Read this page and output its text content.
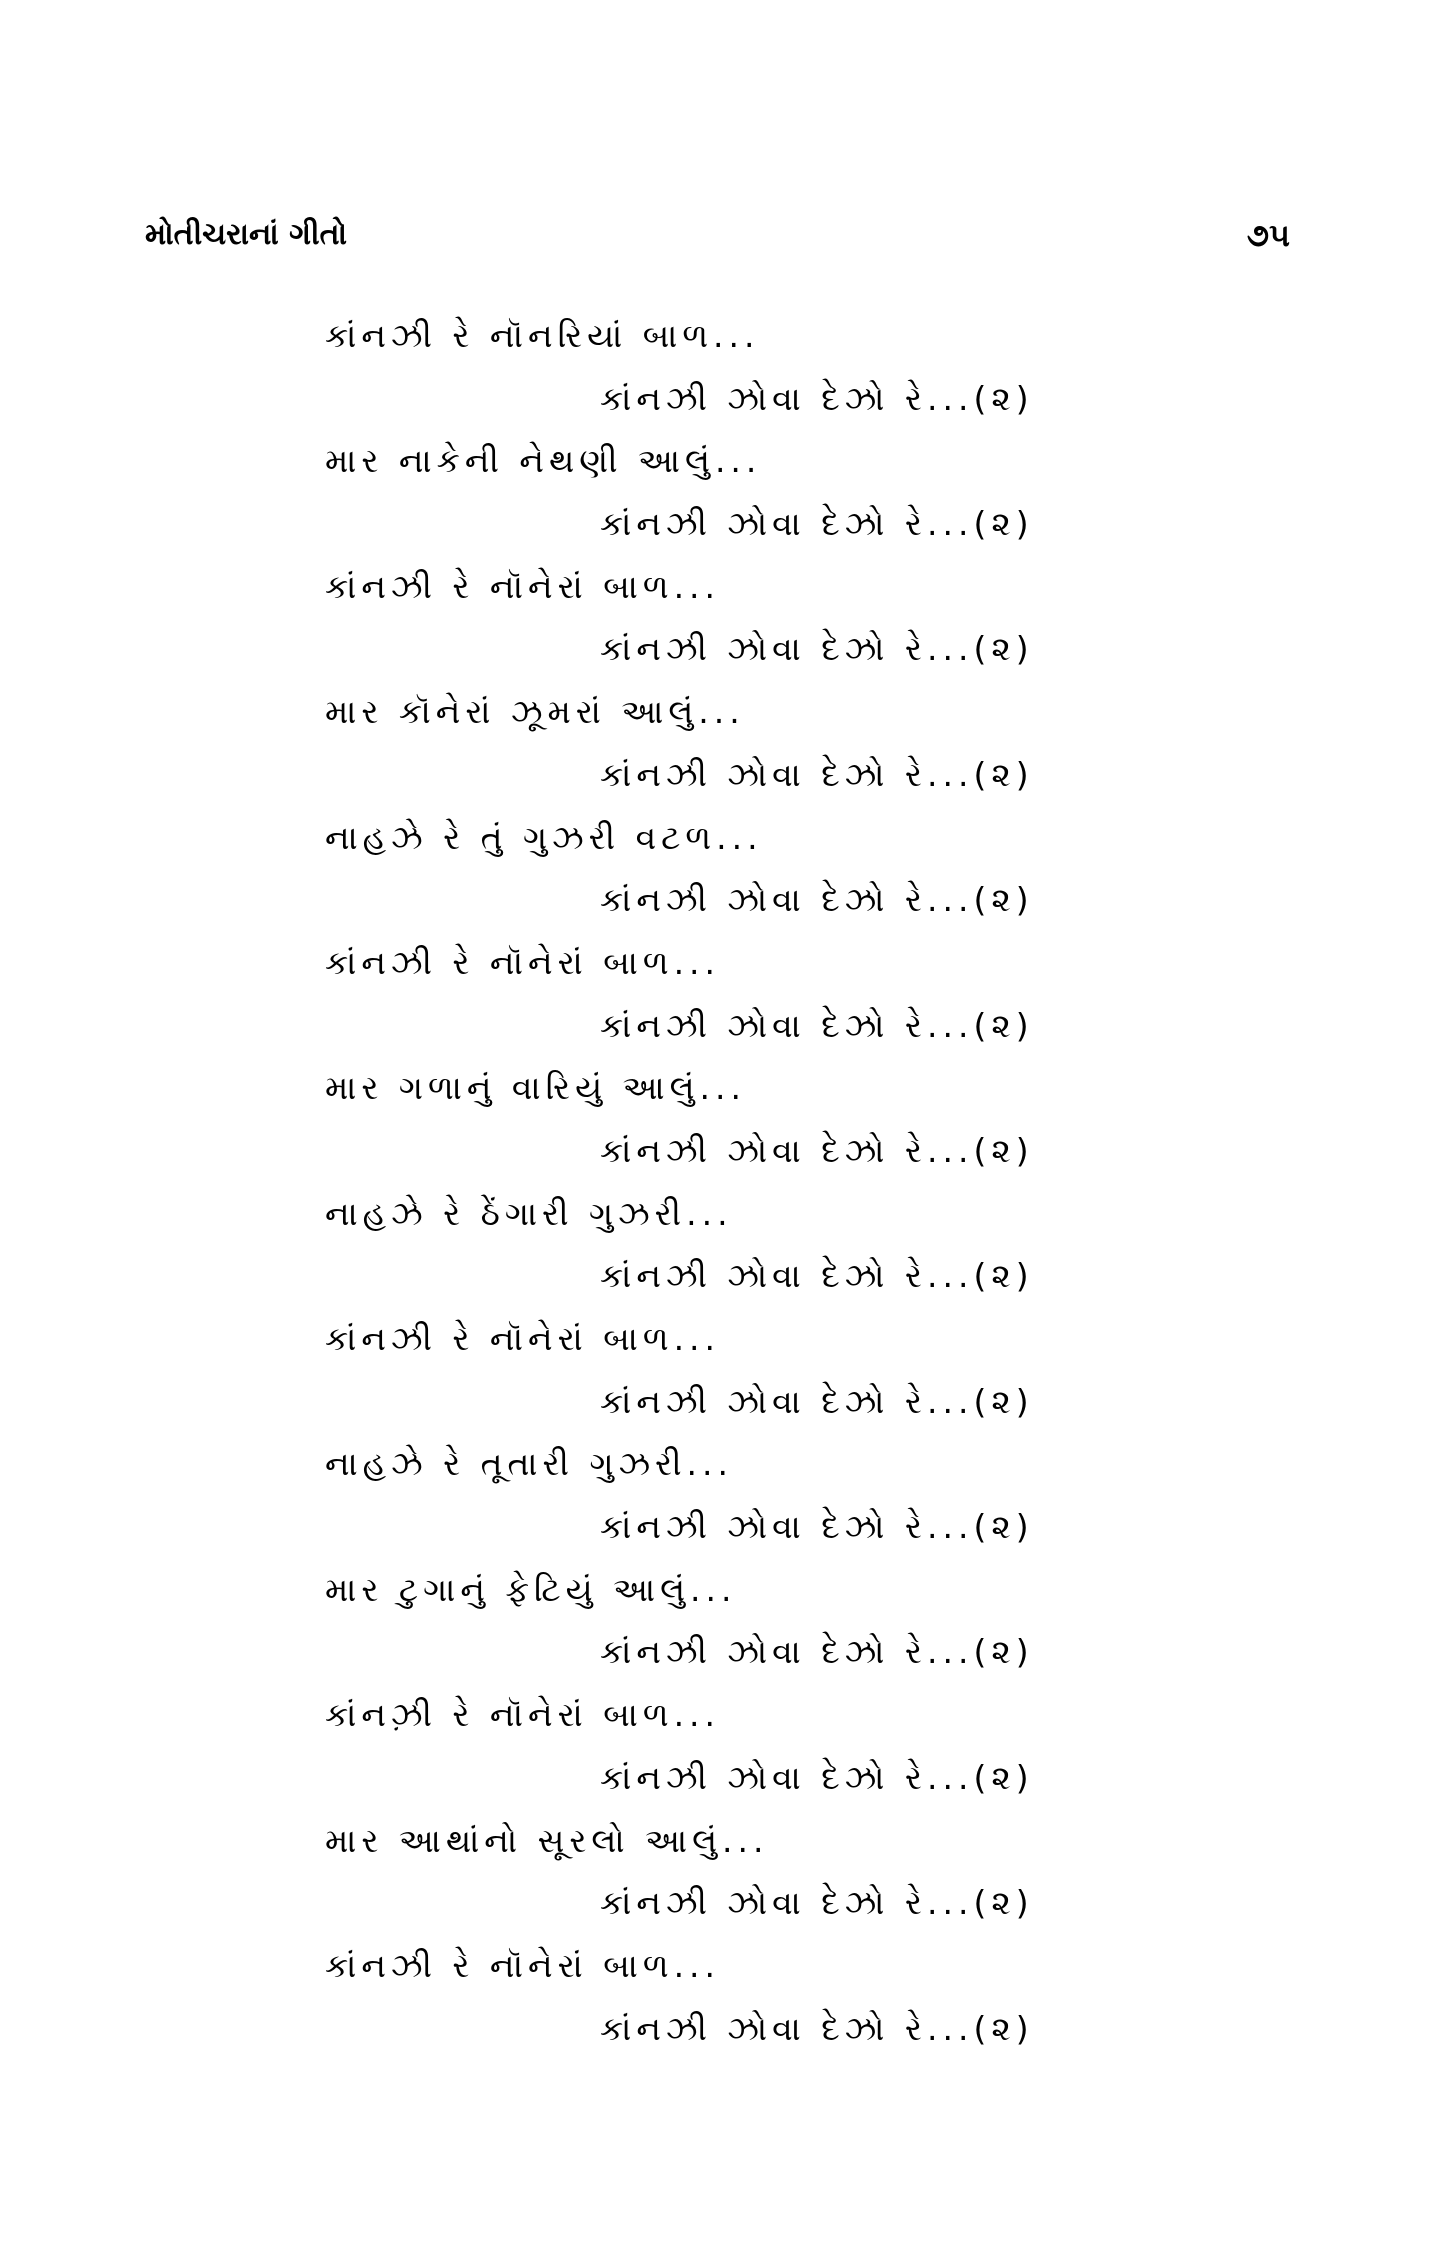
મોતીચરાનાં ગીતો	૭૫
કાંનઝી રે નૉનરિયાં બાળ...
કાંનઝી ઝોવા દેઝો રે...(૨)
માર નાકેની નેથણી આલું...
કાંનઝી ઝોવા દેઝો રે...(૨)
કાંનઝી રે નૉનેરાં બાળ...
કાંનઝી ઝોવા દેઝો રે...(૨)
માર કૉનેરાં ઝૂમરાં આલું...
કાંનઝી ઝોવા દેઝો રે...(૨)
નાહઝે રે તું ગુઝરી વટળ...
કાંનઝી ઝોવા દેઝો રે...(૨)
કાંનઝી રે નૉનેરાં બાળ...
કાંનઝી ઝોવા દેઝો રે...(૨)
માર ગળાનું વારિયું આલું...
કાંનઝી ઝોવા દેઝો રે...(૨)
નાહઝે રે ઠેંગારી ગુઝરી...
કાંનઝી ઝોવા દેઝો રે...(૨)
કાંનઝી રે નૉનેરાં બાળ...
કાંનઝી ઝોવા દેઝો રે...(૨)
નાહઝે રે તૂતારી ગુઝરી...
કાંનઝી ઝોવા દેઝો રે...(૨)
માર ટુગાનું ફેટિયું આલું...
કાંનઝી ઝોવા દેઝો રે...(૨)
કાંનઝ઼ી રે નૉનેરાં બાળ...
કાંનઝી ઝોવા દેઝો રે...(૨)
માર આથાંનો સૂરલો આલું...
કાંનઝી ઝોવા દેઝો રે...(૨)
કાંનઝી રે નૉનેરાં બાળ...
કાંનઝી ઝોવા દેઝો રે...(૨)
